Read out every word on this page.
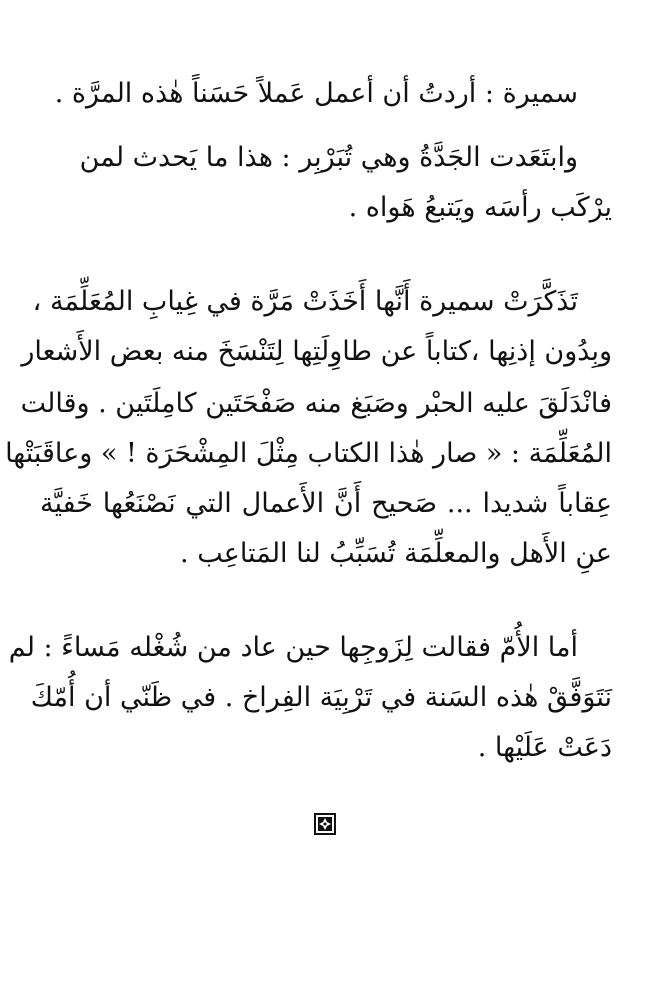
سميرة : أردتُ أن أعمل عَملاً حَسَناً هٰذه المرَّة .

وابتَعَدت الجَدَّةُ وهي تُبَرْبِر : هذا ما يَحدث لمن

يرْكَب رأسَه ويَتبعُ هَواه .

تَذَكَّرَتْ سميرة أَنَّها أَخَذَتْ مَرَّة في غِيابِ المُعَلِّمَة ،

وبِدُون إذنِها ،كتاباً عن طاوِلَتِها لِتَنْسَخَ منه بعض الأَشعار

فانْدَلَقَ عليه الحبْر وصَبَغ منه صَفْحَتَين كامِلَتَين . وقالت

المُعَلِّمَة : « صار هٰذا الكتاب مِثْلَ المِشْحَرَة ! » وعاقَبَتْها

عِقاباً شديدا ... صَحيح أَنَّ الأَعمال التي نَصْنَعُها خَفيَّة

عنِ الأَهل والمعلِّمَة تُسَبِّبُ لنا المَتاعِب .

أما الأُمّ فقالت لِزَوجِها حين عاد من شُغْله مَساءً : لم

نَتَوَفَّقْ هٰذه السَنة في تَرْبِيَة الفِراخ . في ظَنّي أن أُمّكَ

دَعَتْ عَلَيْها .
